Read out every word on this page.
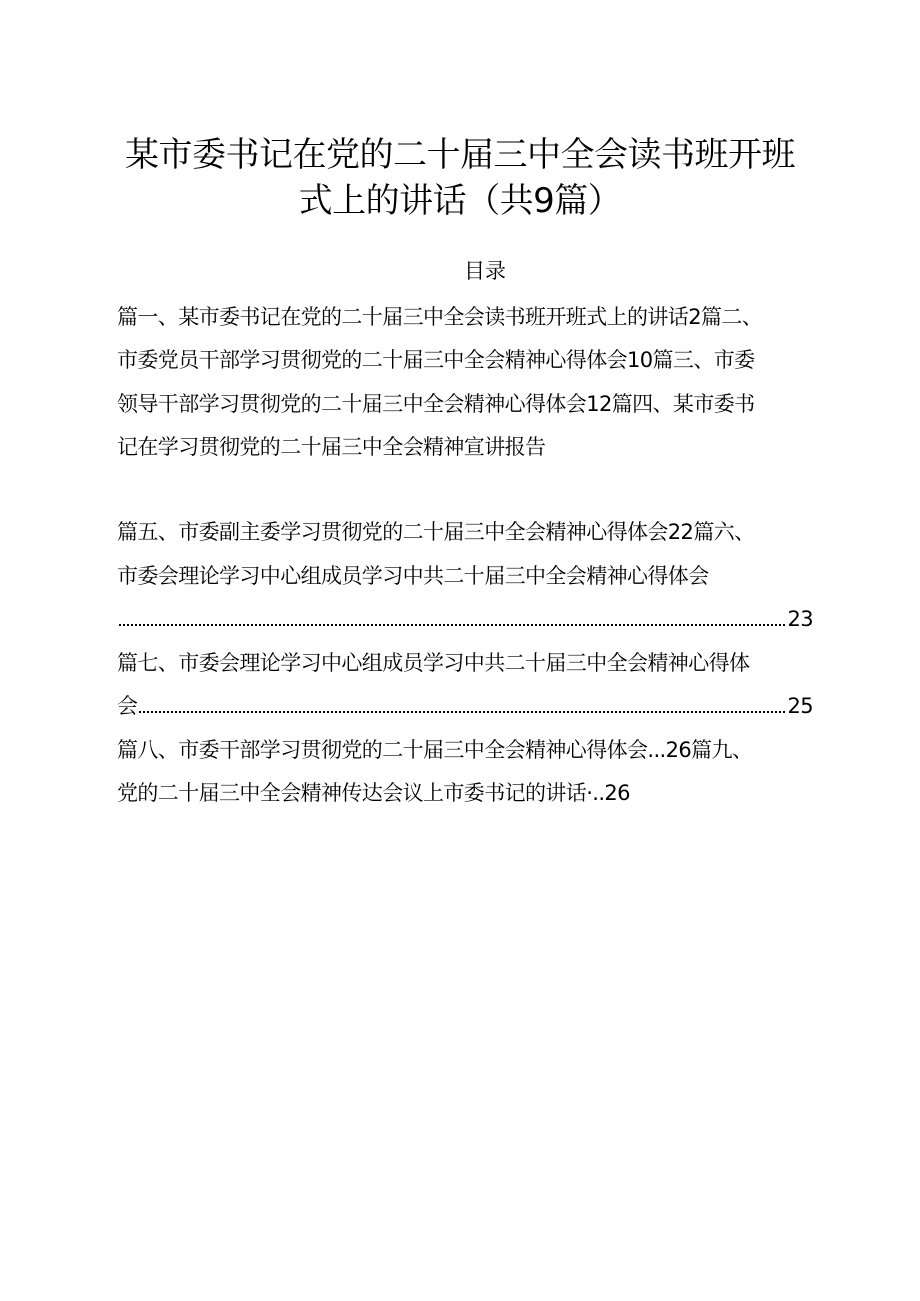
某市委书记在党的二十届三中全会读书班开班
式上的讲话（共9篇）
目录
篇一、某市委书记在党的二十届三中全会读书班开班式上的讲话2篇二、
市委党员干部学习贯彻党的二十届三中全会精神心得体会10篇三、市委
领导干部学习贯彻党的二十届三中全会精神心得体会12篇四、某市委书
记在学习贯彻党的二十届三中全会精神宣讲报告
篇五、市委副主委学习贯彻党的二十届三中全会精神心得体会22篇六、
市委会理论学习中心组成员学习中共二十届三中全会精神心得体会
23
篇七、市委会理论学习中心组成员学习中共二十届三中全会精神心得体
会	25
篇八、市委干部学习贯彻党的二十届三中全会精神心得体会...26篇九、
党的二十届三中全会精神传达会议上市委书记的讲话·..26
